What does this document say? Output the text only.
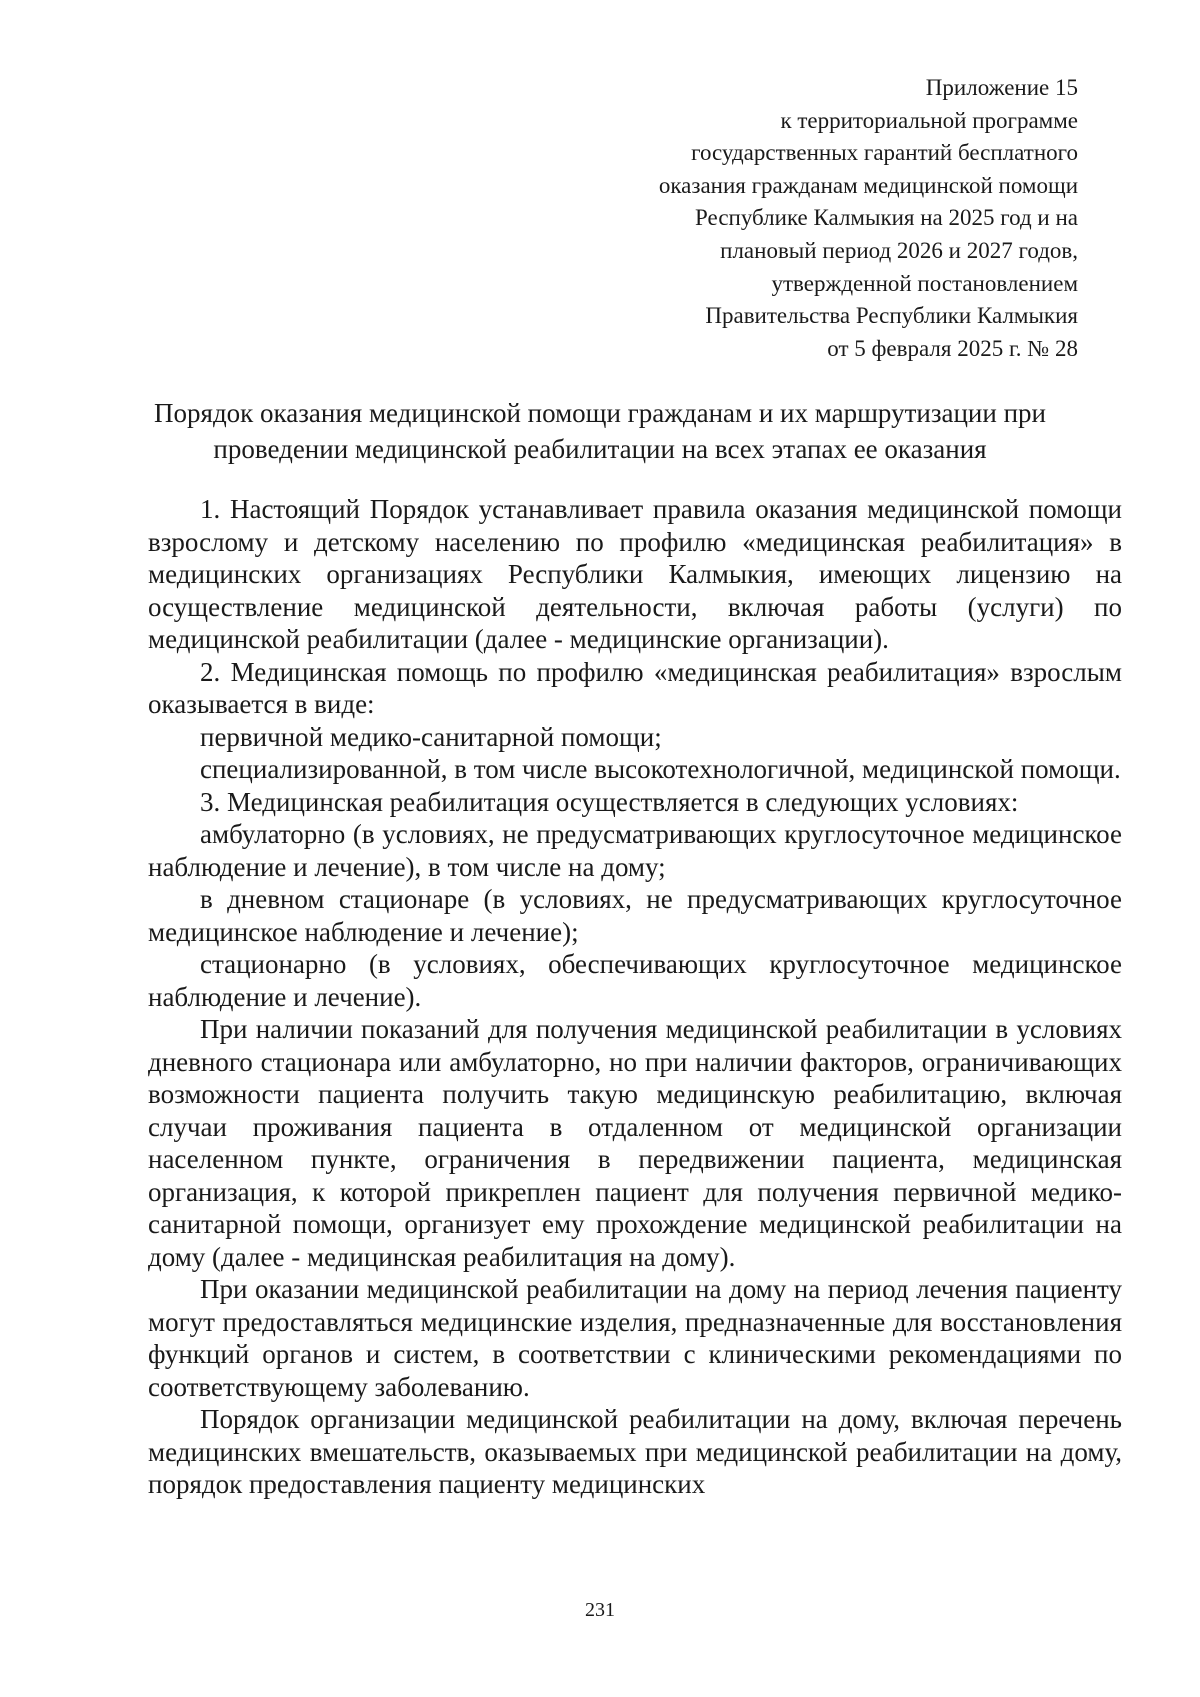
Приложение 15
к территориальной программе
государственных гарантий бесплатного
оказания гражданам медицинской помощи
Республике Калмыкия на 2025 год и на
плановый период 2026 и 2027 годов,
утвержденной постановлением
Правительства Республики Калмыкия
от 5 февраля 2025 г. № 28
Порядок оказания медицинской помощи гражданам и их маршрутизации при
проведении медицинской реабилитации на всех этапах ее оказания

1. Настоящий Порядок устанавливает правила оказания медицинской помощи взрослому и детскому населению по профилю «медицинская реабилитация» в медицинских организациях Республики Калмыкия, имеющих лицензию на осуществление медицинской деятельности, включая работы (услуги) по медицинской реабилитации (далее - медицинские организации).

2. Медицинская помощь по профилю «медицинская реабилитация» взрослым оказывается в виде:

первичной медико-санитарной помощи;

специализированной, в том числе высокотехнологичной, медицинской помощи.

3. Медицинская реабилитация осуществляется в следующих условиях:

амбулаторно (в условиях, не предусматривающих круглосуточное медицинское наблюдение и лечение), в том числе на дому;

в дневном стационаре (в условиях, не предусматривающих круглосуточное медицинское наблюдение и лечение);

стационарно (в условиях, обеспечивающих круглосуточное медицинское наблюдение и лечение).

При наличии показаний для получения медицинской реабилитации в условиях дневного стационара или амбулаторно, но при наличии факторов, ограничивающих возможности пациента получить такую медицинскую реабилитацию, включая случаи проживания пациента в отдаленном от медицинской организации населенном пункте, ограничения в передвижении пациента, медицинская организация, к которой прикреплен пациент для получения первичной медико-санитарной помощи, организует ему прохождение медицинской реабилитации на дому (далее - медицинская реабилитация на дому).

При оказании медицинской реабилитации на дому на период лечения пациенту могут предоставляться медицинские изделия, предназначенные для восстановления функций органов и систем, в соответствии с клиническими рекомендациями по соответствующему заболеванию.

Порядок организации медицинской реабилитации на дому, включая перечень медицинских вмешательств, оказываемых при медицинской реабилитации на дому, порядок предоставления пациенту медицинских

231
